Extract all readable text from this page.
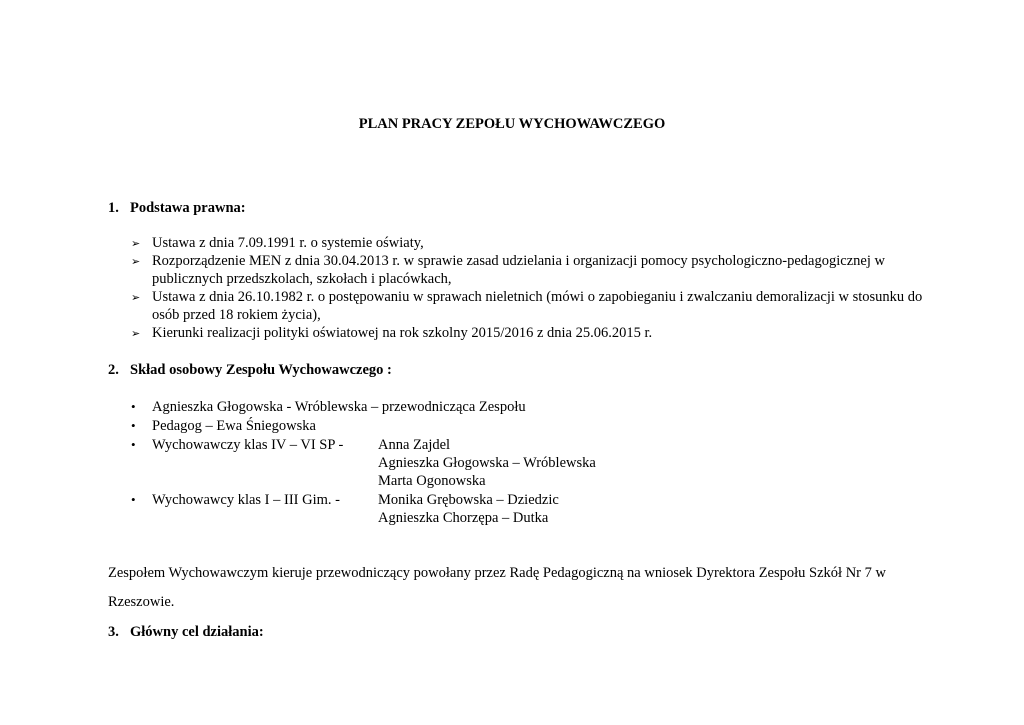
PLAN PRACY ZEPOŁU WYCHOWAWCZEGO
1. Podstawa prawna:
➢ Ustawa z dnia 7.09.1991 r. o systemie oświaty,
➢ Rozporządzenie MEN z dnia 30.04.2013 r. w sprawie zasad udzielania i organizacji pomocy psychologiczno-pedagogicznej w
publicznych przedszkolach, szkołach i placówkach,
➢ Ustawa z dnia 26.10.1982 r. o postępowaniu w sprawach nieletnich (mówi o zapobieganiu i zwalczaniu demoralizacji w stosunku do
osób przed 18 rokiem życia),
➢ Kierunki realizacji polityki oświatowej na rok szkolny 2015/2016 z dnia 25.06.2015 r.
2. Skład osobowy Zespołu Wychowawczego :
•	Agnieszka Głogowska - Wróblewska – przewodnicząca Zespołu
•	Pedagog – Ewa Śniegowska
•	Wychowawczy klas IV – VI SP - Anna Zajdel
Agnieszka Głogowska – Wróblewska
Marta Ogonowska
•	Wychowawcy klas I – III Gim. -	Monika Grębowska – Dziedzic
Agnieszka Chorzępa – Dutka
Zespołem Wychowawczym kieruje przewodniczący powołany przez Radę Pedagogiczną na wniosek Dyrektora Zespołu Szkół Nr 7 w
Rzeszowie.
3. Główny cel działania:
